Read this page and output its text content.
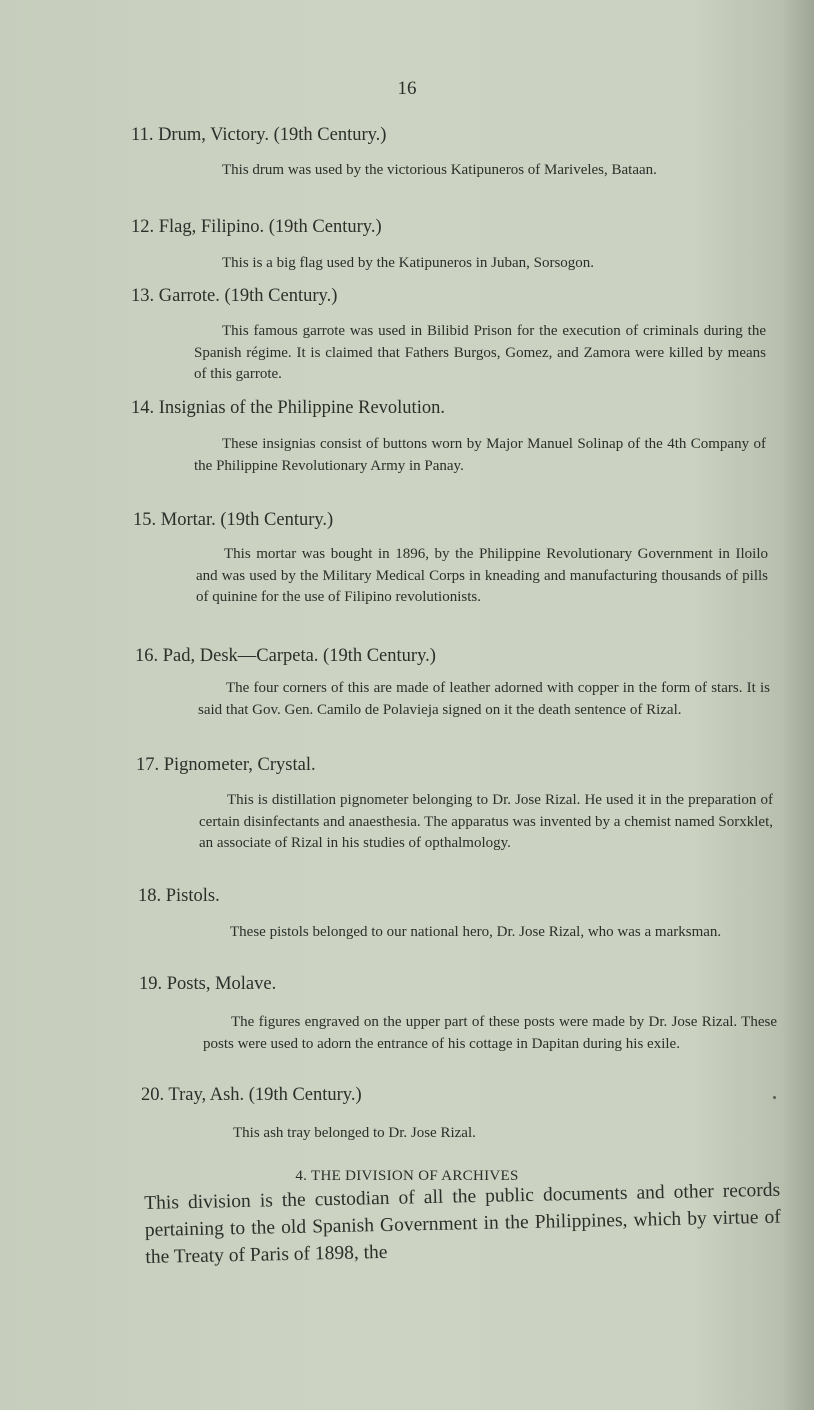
16
11. Drum, Victory. (19th Century.)

This drum was used by the victorious Katipuneros of Mariveles, Bataan.

12. Flag, Filipino. (19th Century.)

This is a big flag used by the Katipuneros in Juban, Sorsogon.

13. Garrote. (19th Century.)

This famous garrote was used in Bilibid Prison for the execution of criminals during the Spanish régime. It is claimed that Fathers Burgos, Gomez, and Zamora were killed by means of this garrote.

14. Insignias of the Philippine Revolution.

These insignias consist of buttons worn by Major Manuel Solinap of the 4th Company of the Philippine Revolutionary Army in Panay.

15. Mortar. (19th Century.)

This mortar was bought in 1896, by the Philippine Revolutionary Government in Iloilo and was used by the Military Medical Corps in kneading and manufacturing thousands of pills of quinine for the use of Filipino revolutionists.

16. Pad, Desk—Carpeta. (19th Century.)

The four corners of this are made of leather adorned with copper in the form of stars. It is said that Gov. Gen. Camilo de Polavieja signed on it the death sentence of Rizal.

17. Pignometer, Crystal.

This is distillation pignometer belonging to Dr. Jose Rizal. He used it in the preparation of certain disinfectants and anaesthesia. The apparatus was invented by a chemist named Sorxklet, an associate of Rizal in his studies of opthalmology.

18. Pistols.

These pistols belonged to our national hero, Dr. Jose Rizal, who was a marksman.

19. Posts, Molave.

The figures engraved on the upper part of these posts were made by Dr. Jose Rizal. These posts were used to adorn the entrance of his cottage in Dapitan during his exile.

20. Tray, Ash. (19th Century.)

This ash tray belonged to Dr. Jose Rizal.

4. THE DIVISION OF ARCHIVES

This division is the custodian of all the public documents and other records pertaining to the old Spanish Government in the Philippines, which by virtue of the Treaty of Paris of 1898, the
